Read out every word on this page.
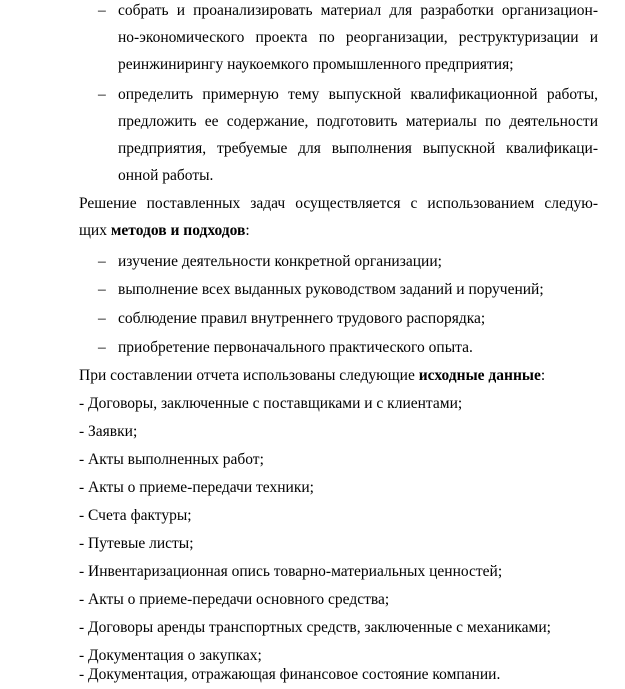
– собрать и проанализировать материал для разработки организацион-
но-экономического проекта по реорганизации, реструктуризации и
реинжинирингу наукоемкого промышленного предприятия;
– определить примерную тему выпускной квалификационной работы,
предложить ее содержание, подготовить материалы по деятельности
предприятия, требуемые для выполнения выпускной квалификаци-
онной работы.
Решение поставленных задач осуществляется с использованием следую-
щих методов и подходов:
– изучение деятельности конкретной организации;
– выполнение всех выданных руководством заданий и поручений;
– соблюдение правил внутреннего трудового распорядка;
– приобретение первоначального практического опыта.
При составлении отчета использованы следующие исходные данные:
- Договоры, заключенные с поставщиками и с клиентами;
- Заявки;
- Акты выполненных работ;
- Акты о приеме-передачи техники;
- Счета фактуры;
- Путевые листы;
- Инвентаризационная опись товарно-материальных ценностей;
- Акты о приеме-передачи основного средства;
- Договоры аренды транспортных средств, заключенные с механиками;
- Документация о закупках;
- Документация, отражающая финансовое состояние компании.
